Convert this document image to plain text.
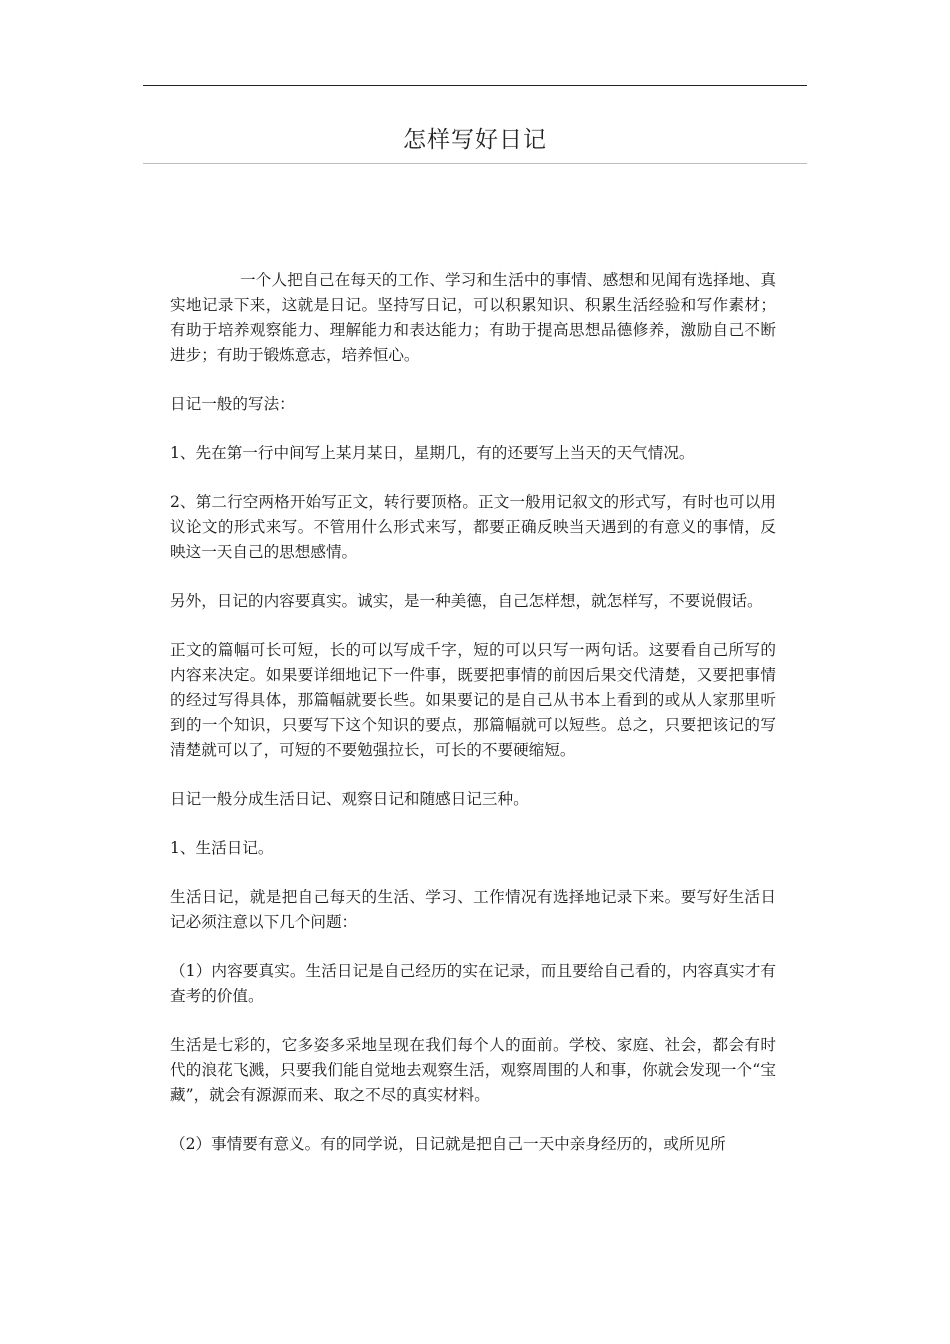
怎样写好日记

一个人把自己在每天的工作、学习和生活中的事情、感想和见闻有选择地、真实地记录下来，这就是日记。坚持写日记，可以积累知识、积累生活经验和写作素材；有助于培养观察能力、理解能力和表达能力；有助于提高思想品德修养，激励自己不断进步；有助于锻炼意志，培养恒心。

日记一般的写法：

1、先在第一行中间写上某月某日，星期几，有的还要写上当天的天气情况。

2、第二行空两格开始写正文，转行要顶格。正文一般用记叙文的形式写，有时也可以用议论文的形式来写。不管用什么形式来写，都要正确反映当天遇到的有意义的事情，反映这一天自己的思想感情。

另外，日记的内容要真实。诚实，是一种美德，自己怎样想，就怎样写，不要说假话。

正文的篇幅可长可短，长的可以写成千字，短的可以只写一两句话。这要看自己所写的内容来决定。如果要详细地记下一件事，既要把事情的前因后果交代清楚，又要把事情的经过写得具体，那篇幅就要长些。如果要记的是自己从书本上看到的或从人家那里听到的一个知识，只要写下这个知识的要点，那篇幅就可以短些。总之，只要把该记的写清楚就可以了，可短的不要勉强拉长，可长的不要硬缩短。

日记一般分成生活日记、观察日记和随感日记三种。

1、生活日记。

生活日记，就是把自己每天的生活、学习、工作情况有选择地记录下来。要写好生活日记必须注意以下几个问题：

（1）内容要真实。生活日记是自己经历的实在记录，而且要给自己看的，内容真实才有查考的价值。

生活是七彩的，它多姿多采地呈现在我们每个人的面前。学校、家庭、社会，都会有时代的浪花飞溅，只要我们能自觉地去观察生活，观察周围的人和事，你就会发现一个“宝藏”，就会有源源而来、取之不尽的真实材料。

（2）事情要有意义。有的同学说，日记就是把自己一天中亲身经历的，或所见所
